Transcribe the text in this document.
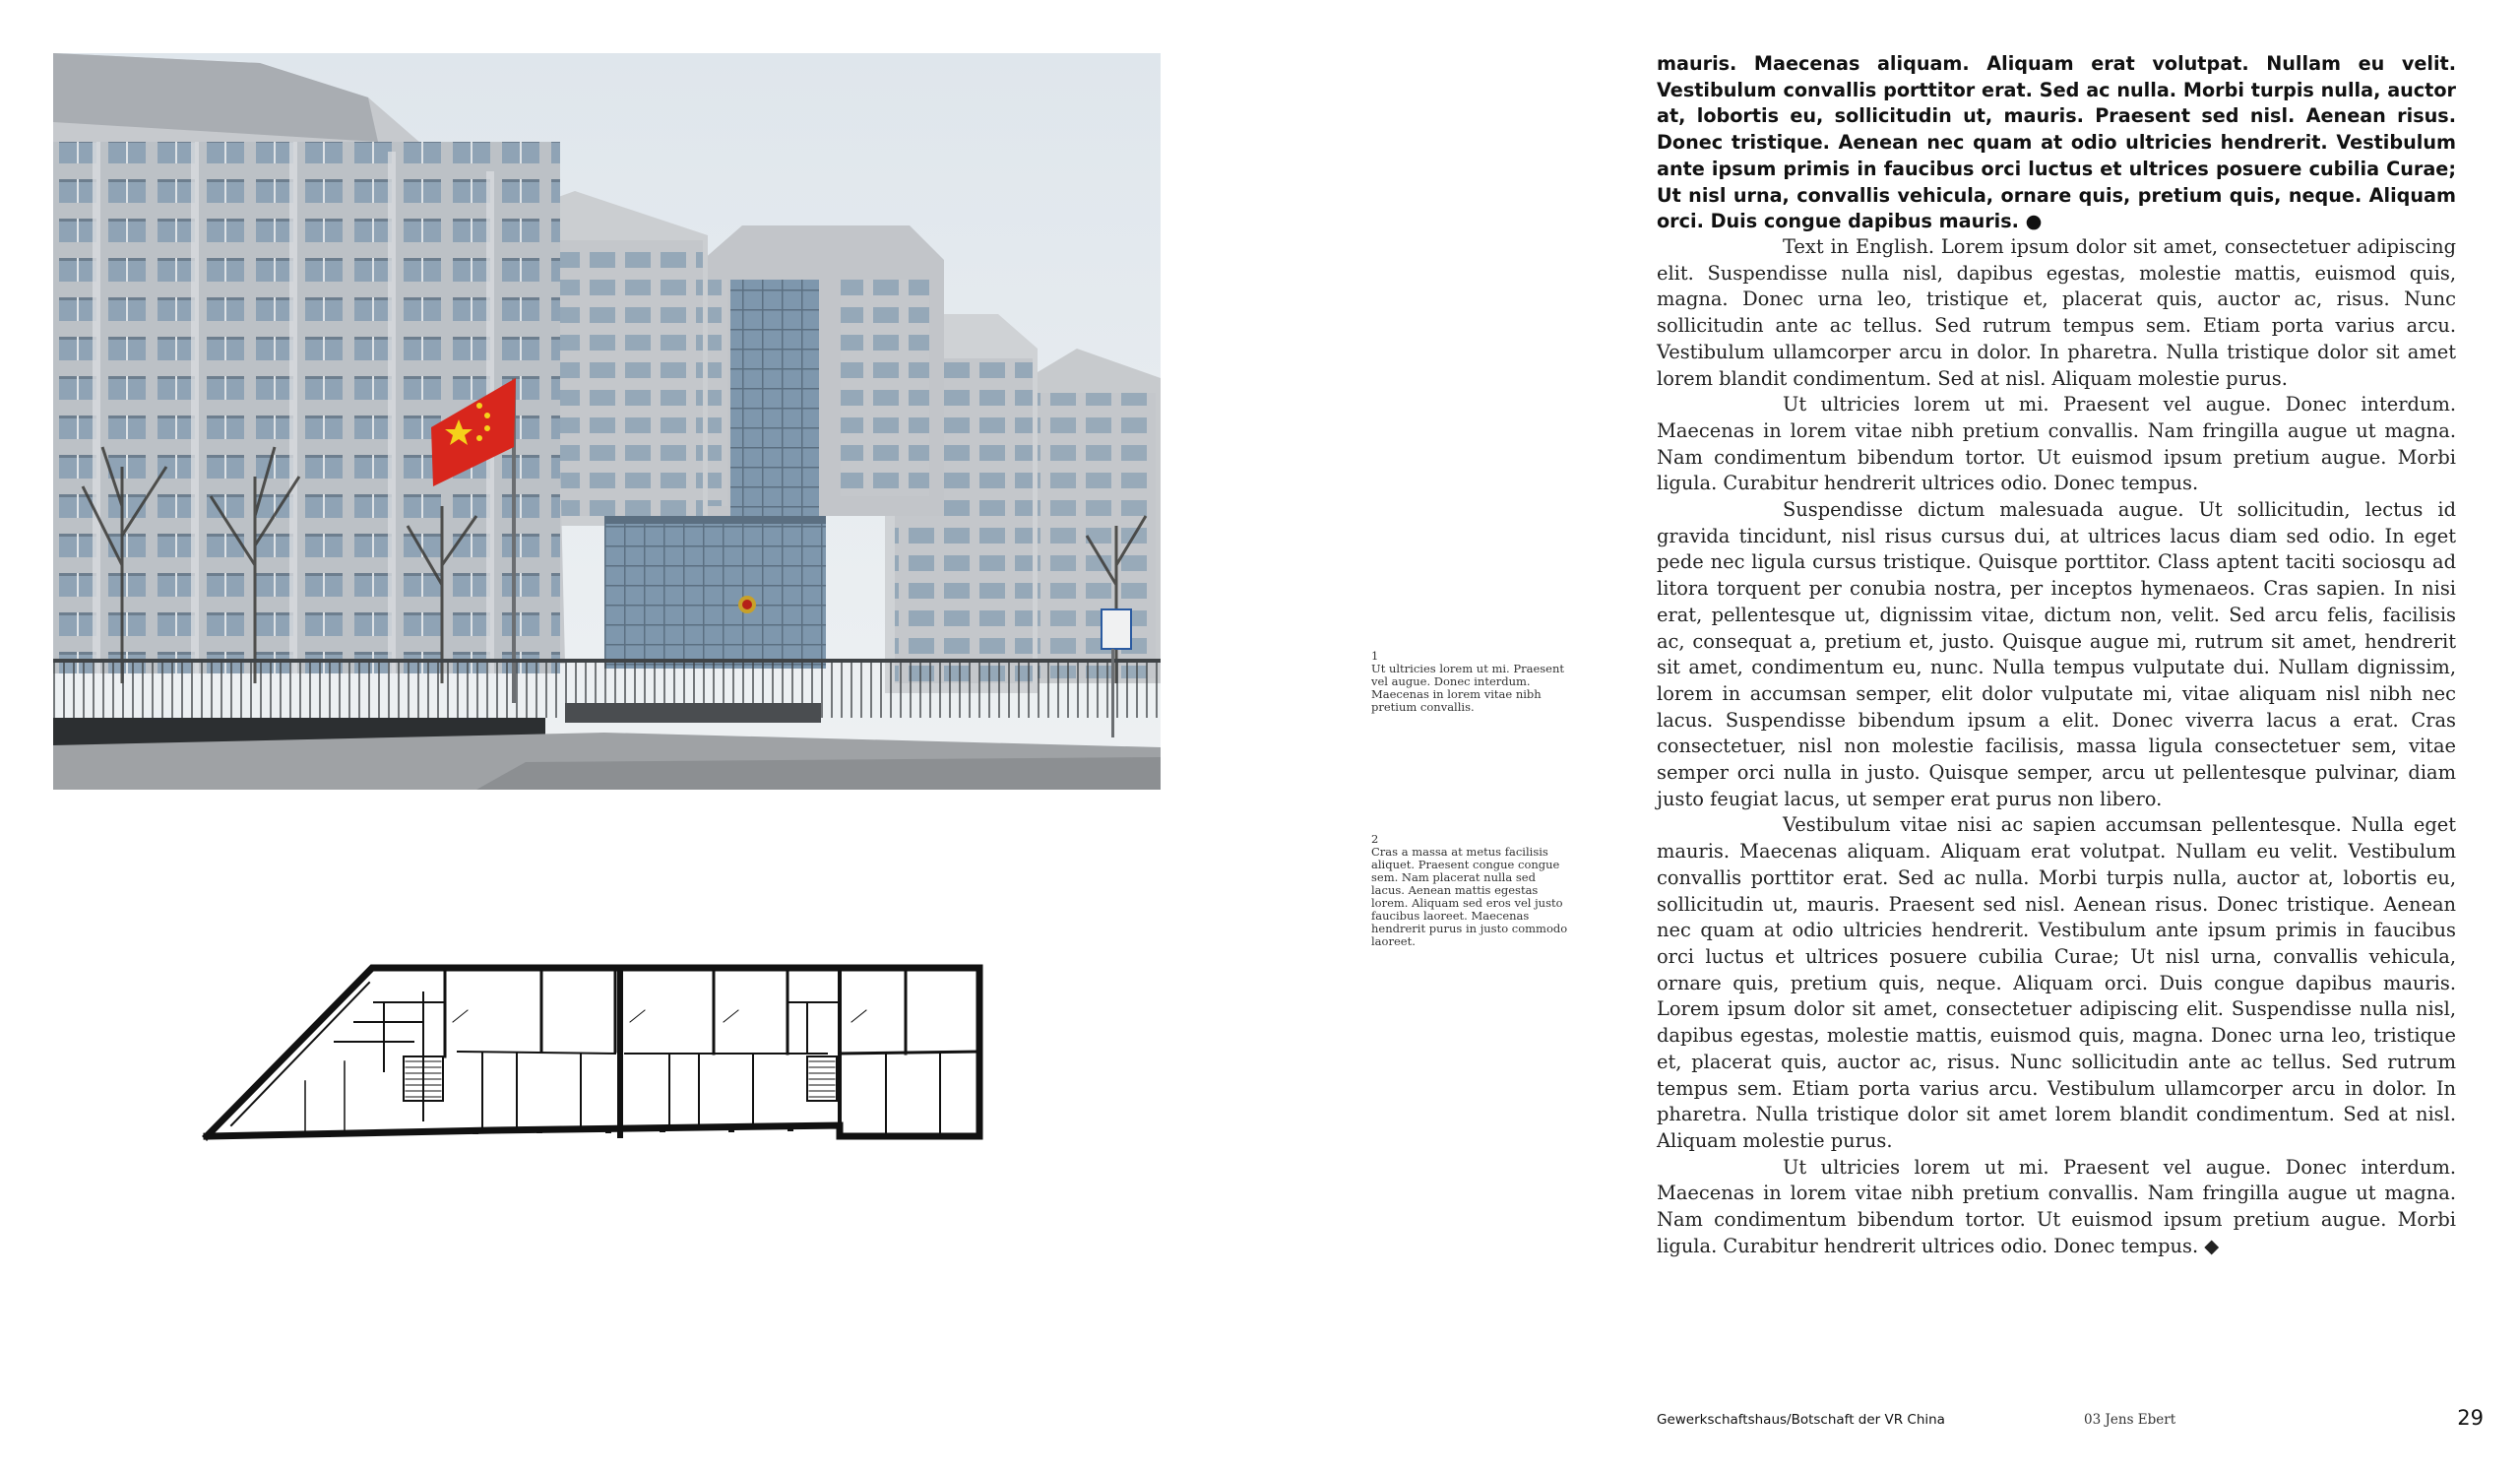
1
Ut ultricies lorem ut mi. Praesent vel augue. Donec interdum. Maecenas in lorem vitae nibh pretium convallis.
2
Cras a massa at metus facilisis aliquet. Praesent congue congue sem. Nam placerat nulla sed lacus. Aenean mattis egestas lorem. Aliquam sed eros vel justo faucibus laoreet. Maecenas hendrerit purus in justo commodo laoreet.

mauris. Maecenas aliquam. Aliquam erat volutpat. Nullam eu velit. Vestibulum convallis porttitor erat. Sed ac nulla. Morbi turpis nulla, auctor at, lobortis eu, sollicitudin ut, mauris. Praesent sed nisl. Aenean risus. Donec tristique. Aenean nec quam at odio ultricies hendrerit. Vestibulum ante ipsum primis in faucibus orci luctus et ultrices posuere cubilia Curae; Ut nisl urna, convallis vehicula, ornare quis, pretium quis, neque. Aliquam orci. Duis congue dapibus mauris. ●

Text in English. Lorem ipsum dolor sit amet, consectetuer adipiscing elit. Suspendisse nulla nisl, dapibus egestas, molestie mattis, euismod quis, magna. Donec urna leo, tristique et, placerat quis, auctor ac, risus. Nunc sollicitudin ante ac tellus. Sed rutrum tempus sem. Etiam porta varius arcu. Vestibulum ullamcorper arcu in dolor. In pharetra. Nulla tristique dolor sit amet lorem blandit condimentum. Sed at nisl. Aliquam molestie purus.

Ut ultricies lorem ut mi. Praesent vel augue. Donec interdum. Maecenas in lorem vitae nibh pretium convallis. Nam fringilla augue ut magna. Nam condimentum bibendum tortor. Ut euismod ipsum pretium augue. Morbi ligula. Curabitur hendrerit ultrices odio. Donec tempus.

Suspendisse dictum malesuada augue. Ut sollicitudin, lectus id gravida tincidunt, nisl risus cursus dui, at ultrices lacus diam sed odio. In eget pede nec ligula cursus tristique. Quisque porttitor. Class aptent taciti sociosqu ad litora torquent per conubia nostra, per inceptos hymenaeos. Cras sapien. In nisi erat, pellentesque ut, dignissim vitae, dictum non, velit. Sed arcu felis, facilisis ac, consequat a, pretium et, justo. Quisque augue mi, rutrum sit amet, hendrerit sit amet, condimentum eu, nunc. Nulla tempus vulputate dui. Nullam dignissim, lorem in accumsan semper, elit dolor vulputate mi, vitae aliquam nisl nibh nec lacus. Suspendisse bibendum ipsum a elit. Donec viverra lacus a erat. Cras consectetuer, nisl non molestie facilisis, massa ligula consectetuer sem, vitae semper orci nulla in justo. Quisque semper, arcu ut pellentesque pulvinar, diam justo feugiat lacus, ut semper erat purus non libero.

Vestibulum vitae nisi ac sapien accumsan pellentesque. Nulla eget mauris. Maecenas aliquam. Aliquam erat volutpat. Nullam eu velit. Vestibulum convallis porttitor erat. Sed ac nulla. Morbi turpis nulla, auctor at, lobortis eu, sollicitudin ut, mauris. Praesent sed nisl. Aenean risus. Donec tristique. Aenean nec quam at odio ultricies hendrerit. Vestibulum ante ipsum primis in faucibus orci luctus et ultrices posuere cubilia Curae; Ut nisl urna, convallis vehicula, ornare quis, pretium quis, neque. Aliquam orci. Duis congue dapibus mauris. Lorem ipsum dolor sit amet, consectetuer adipiscing elit. Suspendisse nulla nisl, dapibus egestas, molestie mattis, euismod quis, magna. Donec urna leo, tristique et, placerat quis, auctor ac, risus. Nunc sollicitudin ante ac tellus. Sed rutrum tempus sem. Etiam porta varius arcu. Vestibulum ullamcorper arcu in dolor. In pharetra. Nulla tristique dolor sit amet lorem blandit condimentum. Sed at nisl. Aliquam molestie purus.

Ut ultricies lorem ut mi. Praesent vel augue. Donec interdum. Maecenas in lorem vitae nibh pretium convallis. Nam fringilla augue ut magna. Nam condimentum bibendum tortor. Ut euismod ipsum pretium augue. Morbi ligula. Curabitur hendrerit ultrices odio. Donec tempus. ◆

Gewerkschaftshaus/Botschaft der VR China	03 Jens Ebert	29
